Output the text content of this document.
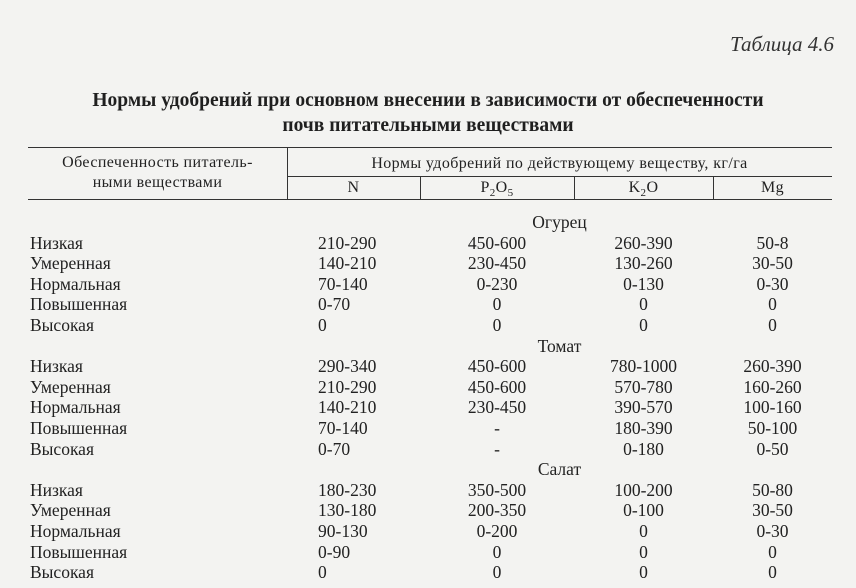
Таблица 4.6
Нормы удобрений при основном внесении в зависимости от обеспеченности
почв питательными веществами
Обеспеченность питатель-
ными веществами
Нормы удобрений по действующему веществу, кг/га
N	$P_2O_5$	$K_2O$	Mg
Огурец
Низкая	210-290	450-600	260-390	50-8
Умеренная	140-210	230-450	130-260	30-50
Нормальная	70-140	0-230	0-130	0-30
Повышенная	0-70	0	0	0
Высокая	0	0	0	0
Томат
Низкая	290-340	450-600	780-1000	260-390
Умеренная	210-290	450-600	570-780	160-260
Нормальная	140-210	230-450	390-570	100-160
Повышенная	70-140	-	180-390	50-100
Высокая	0-70	-	0-180	0-50
Салат
Низкая	180-230	350-500	100-200	50-80
Умеренная	130-180	200-350	0-100	30-50
Нормальная	90-130	0-200	0	0-30
Повышенная	0-90	0	0	0
Высокая	0	0	0	0
